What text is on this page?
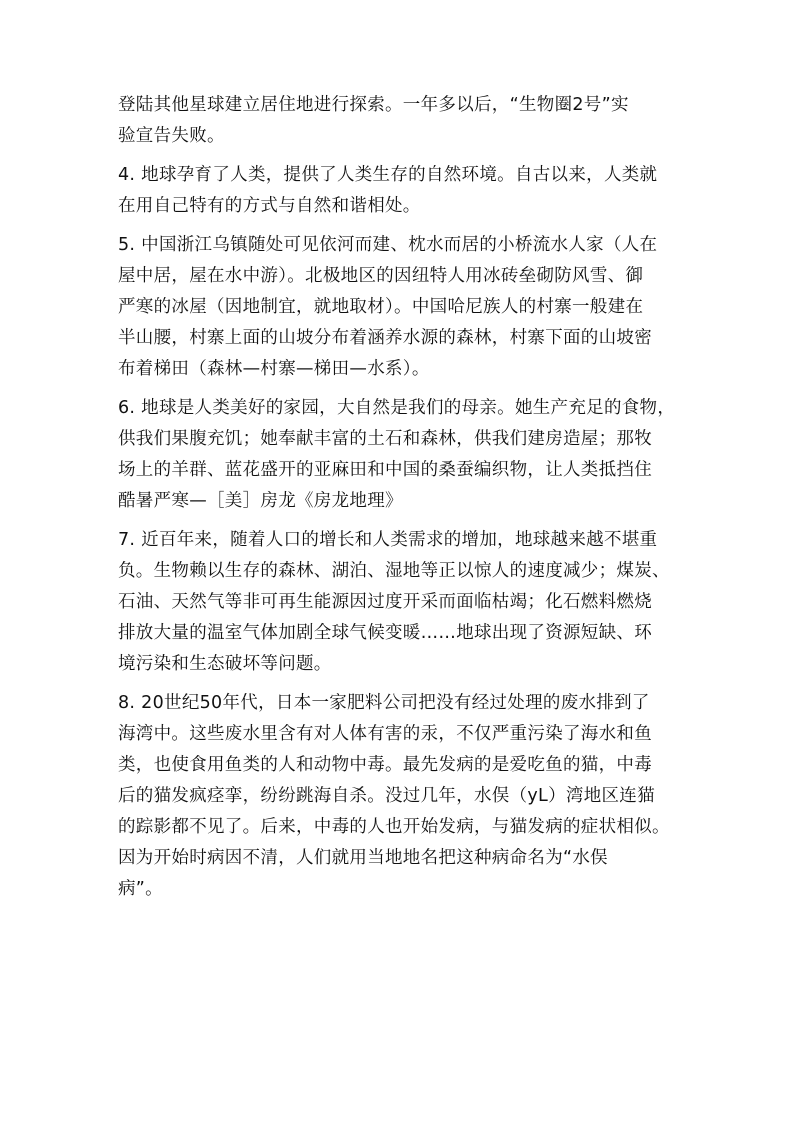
登陆其他星球建立居住地进行探索。一年多以后，“生物圈2号”实

验宣告失败。

4. 地球孕育了人类，提供了人类生存的自然环境。自古以来，人类就

在用自己特有的方式与自然和谐相处。

5. 中国浙江乌镇随处可见依河而建、枕水而居的小桥流水人家（人在

屋中居，屋在水中游）。北极地区的因纽特人用冰砖垒砌防风雪、御

严寒的冰屋（因地制宜，就地取材）。中国哈尼族人的村寨一般建在

半山腰，村寨上面的山坡分布着涵养水源的森林，村寨下面的山坡密

布着梯田（森林—村寨—梯田—水系）。

6. 地球是人类美好的家园，大自然是我们的母亲。她生产充足的食物，

供我们果腹充饥；她奉献丰富的土石和森林，供我们建房造屋；那牧

场上的羊群、蓝花盛开的亚麻田和中国的桑蚕编织物，让人类抵挡住

酷暑严寒—［美］房龙《房龙地理》

7. 近百年来，随着人口的增长和人类需求的增加，地球越来越不堪重

负。生物赖以生存的森林、湖泊、湿地等正以惊人的速度减少；煤炭、

石油、天然气等非可再生能源因过度开采而面临枯竭；化石燃料燃烧

排放大量的温室气体加剧全球气候变暖……地球出现了资源短缺、环

境污染和生态破坏等问题。

8. 20世纪50年代，日本一家肥料公司把没有经过处理的废水排到了

海湾中。这些废水里含有对人体有害的汞，不仅严重污染了海水和鱼

类，也使食用鱼类的人和动物中毒。最先发病的是爱吃鱼的猫，中毒

后的猫发疯痉挛，纷纷跳海自杀。没过几年，水俣（yL）湾地区连猫

的踪影都不见了。后来，中毒的人也开始发病，与猫发病的症状相似。

因为开始时病因不清，人们就用当地地名把这种病命名为“水俣

病”。
